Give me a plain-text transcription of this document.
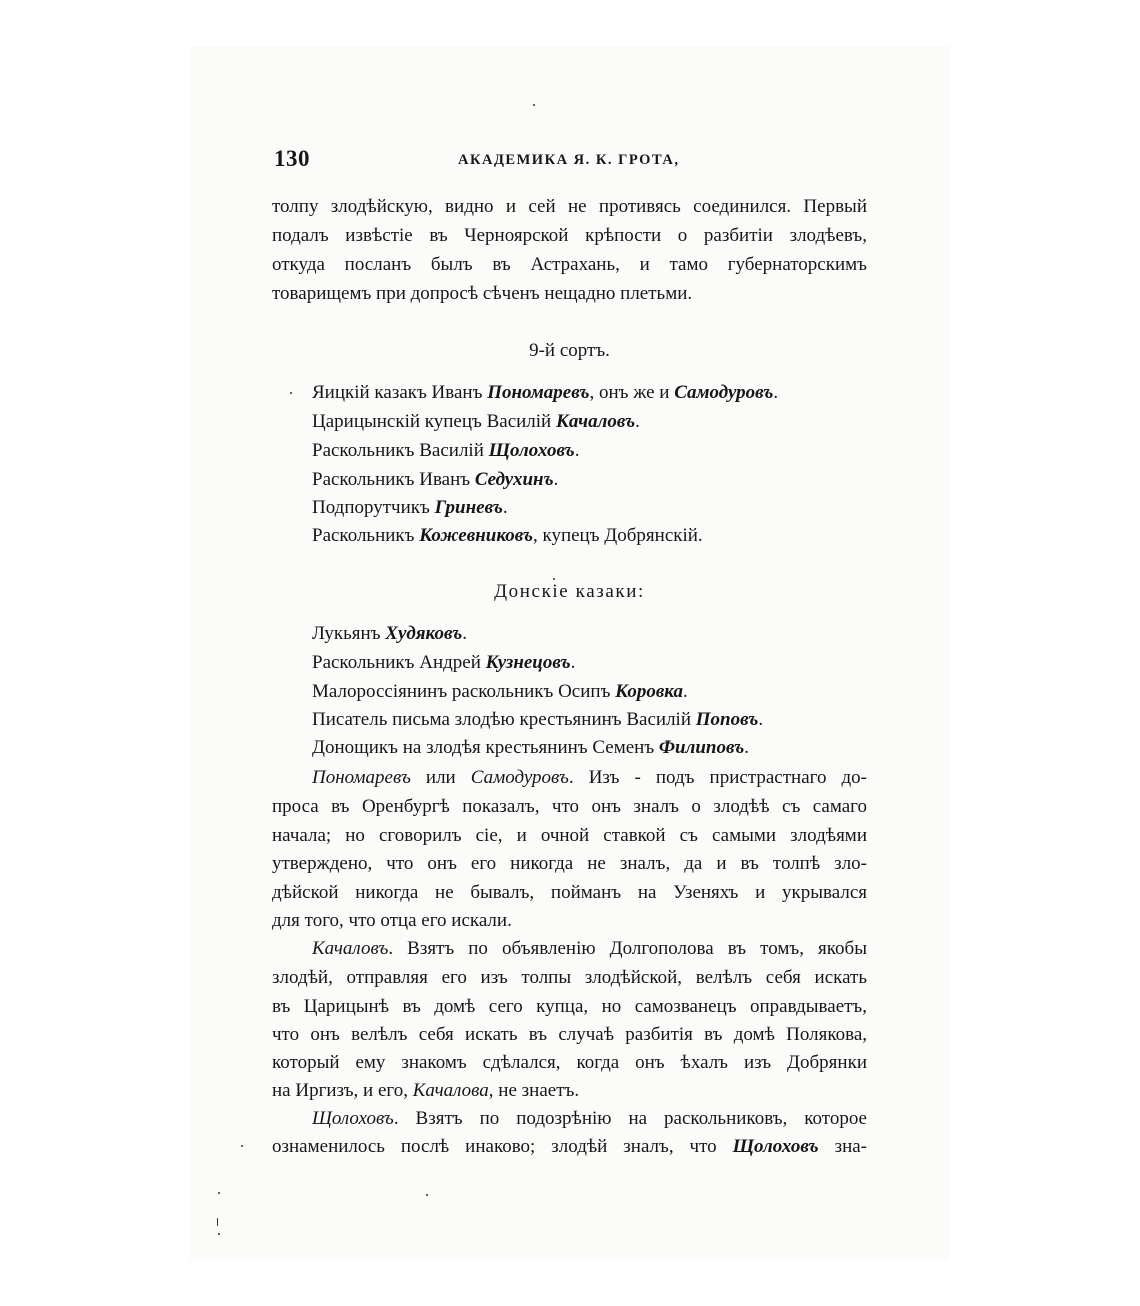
130	АКАДЕМИКА Я. К. ГРОТА,
толпу злодѣйскую, видно и сей не противясь соединился. Первый
подалъ извѣстіе въ Черноярской крѣпости о разбитіи злодѣевъ,
откуда посланъ былъ въ Астрахань, и тамо губернаторскимъ
товарищемъ при допросѣ сѣченъ нещадно плетьми.
9-й сортъ.
Яицкій казакъ Иванъ Пономаревъ, онъ же и Самодуровъ.
Царицынскій купецъ Василій Качаловъ.
Раскольникъ Василій Щолоховъ.
Раскольникъ Иванъ Седухинъ.
Подпорутчикъ Гриневъ.
Раскольникъ Кожевниковъ, купецъ Добрянскій.
Донскіе казаки:
Лукьянъ Худяковъ.
Раскольникъ Андрей Кузнецовъ.
Малороссіянинъ раскольникъ Осипъ Коровка.
Писатель письма злодѣю крестьянинъ Василій Поповъ.
Донощикъ на злодѣя крестьянинъ Семенъ Филиповъ.
Пономаревъ или Самодуровъ. Изъ - подъ пристрастнаго до-
проса въ Оренбургѣ показалъ, что онъ зналъ о злодѣѣ съ самаго
начала; но сговорилъ сіе, и очной ставкой съ самыми злодѣями
утверждено, что онъ его никогда не зналъ, да и въ толпѣ зло-
дѣйской никогда не бывалъ, пойманъ на Узеняхъ и укрывался
для того, что отца его искали.
Качаловъ. Взятъ по объявленію Долгополова въ томъ, якобы
злодѣй, отправляя его изъ толпы злодѣйской, велѣлъ себя искать
въ Царицынѣ въ домѣ сего купца, но самозванецъ оправдываетъ,
что онъ велѣлъ себя искать въ случаѣ разбитія въ домѣ Полякова,
который ему знакомъ сдѣлался, когда онъ ѣхалъ изъ Добрянки
на Иргизъ, и его, Качалова, не знаетъ.
Щолоховъ. Взятъ по подозрѣнію на раскольниковъ, которое
ознаменилось послѣ инаково; злодѣй зналъ, что Щолоховъ зна-
